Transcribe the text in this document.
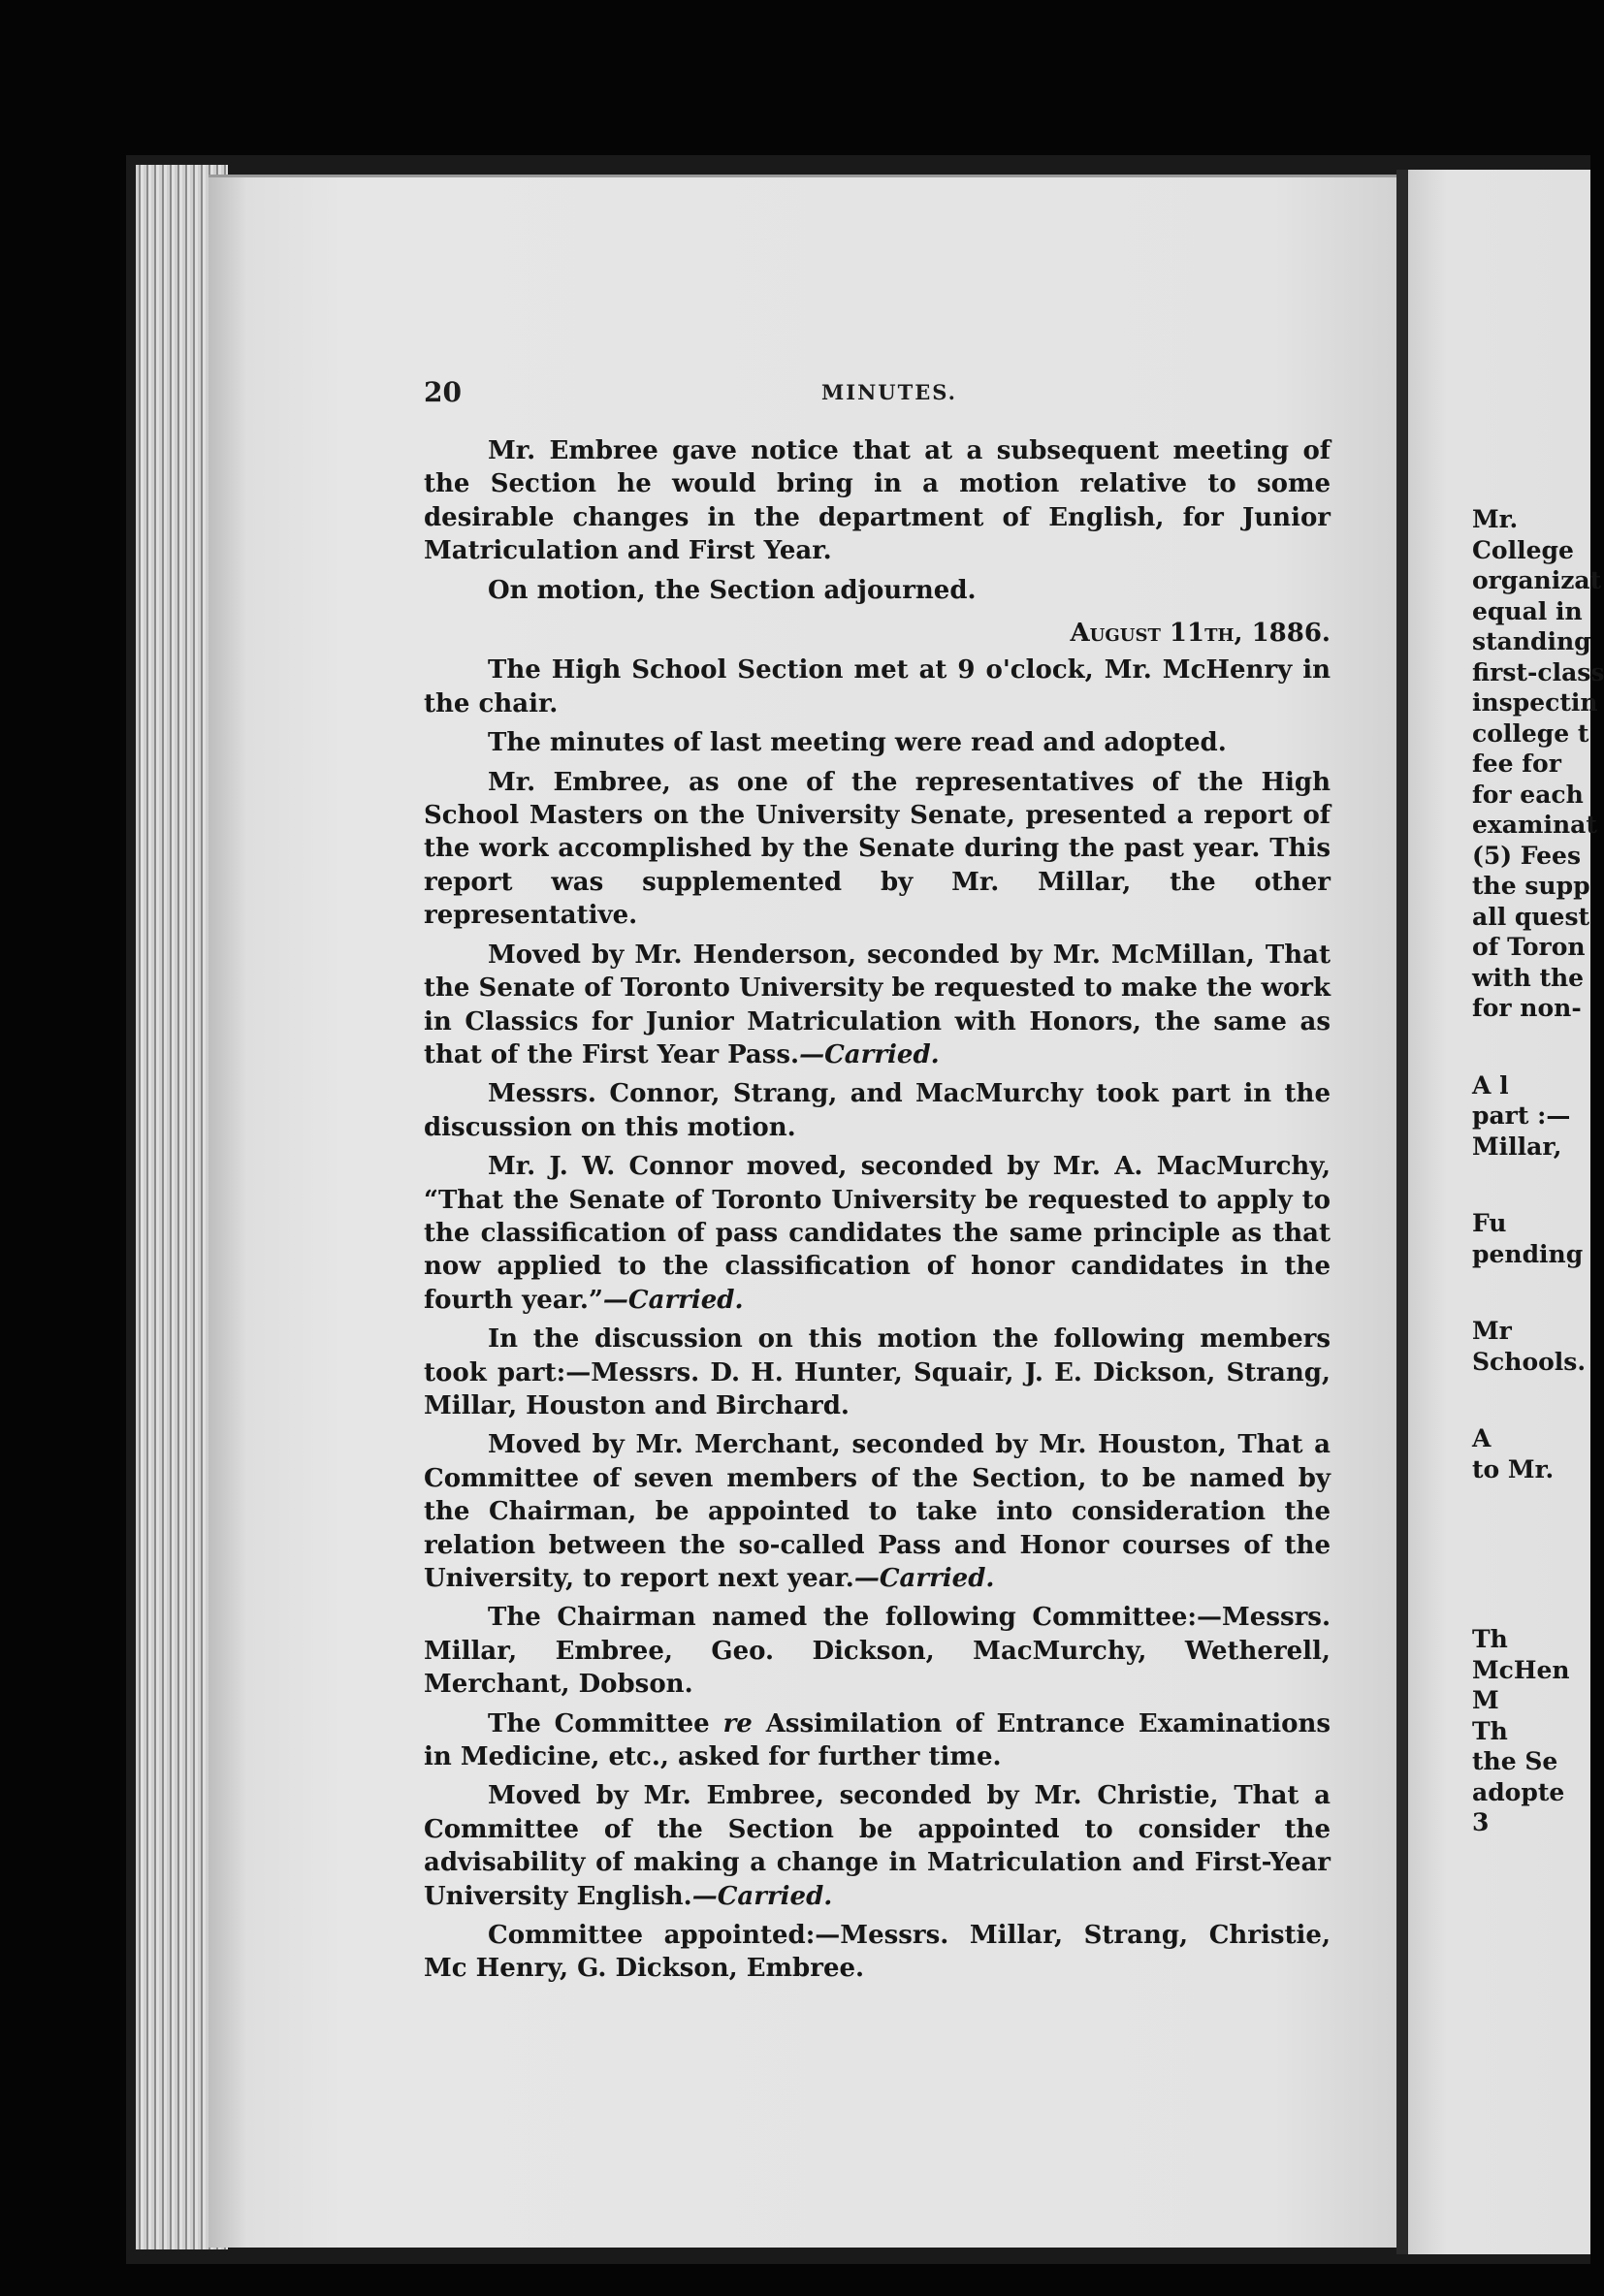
20	MINUTES.

Mr. Embree gave notice that at a subsequent meeting of the Section he would bring in a motion relative to some desirable changes in the department of English, for Junior Matriculation and First Year.

On motion, the Section adjourned.

August 11th, 1886.

The High School Section met at 9 o'clock, Mr. McHenry in the chair.

The minutes of last meeting were read and adopted.

Mr. Embree, as one of the representatives of the High School Masters on the University Senate, presented a report of the work accomplished by the Senate during the past year. This report was supplemented by Mr. Millar, the other representative.

Moved by Mr. Henderson, seconded by Mr. McMillan, That the Senate of Toronto University be requested to make the work in Classics for Junior Matriculation with Honors, the same as that of the First Year Pass.—Carried.

Messrs. Connor, Strang, and MacMurchy took part in the discussion on this motion.

Mr. J. W. Connor moved, seconded by Mr. A. MacMurchy, “That the Senate of Toronto University be requested to apply to the classification of pass candidates the same principle as that now applied to the classification of honor candidates in the fourth year.”—Carried.

In the discussion on this motion the following members took part:—Messrs. D. H. Hunter, Squair, J. E. Dickson, Strang, Millar, Houston and Birchard.

Moved by Mr. Merchant, seconded by Mr. Houston, That a Committee of seven members of the Section, to be named by the Chairman, be appointed to take into consideration the relation between the so-called Pass and Honor courses of the University, to report next year.—Carried.

The Chairman named the following Committee:—Messrs. Millar, Embree, Geo. Dickson, MacMurchy, Wetherell, Merchant, Dobson.

The Committee re Assimilation of Entrance Examinations in Medicine, etc., asked for further time.

Moved by Mr. Embree, seconded by Mr. Christie, That a Committee of the Section be appointed to consider the advisability of making a change in Matriculation and First-Year University English.—Carried.

Committee appointed:—Messrs. Millar, Strang, Christie, Mc Henry, G. Dickson, Embree.

Mr.
College
organizat
equal in
standing
first-class
inspectin
college t
fee for
for each
examinat
(5) Fees
the supp
all quest
of Toron
with the
for non-
A l
part :—
Millar,
Fu
pending
Mr
Schools.
A
to Mr.
Th
McHen
M
Th
the Se
adopte
3
